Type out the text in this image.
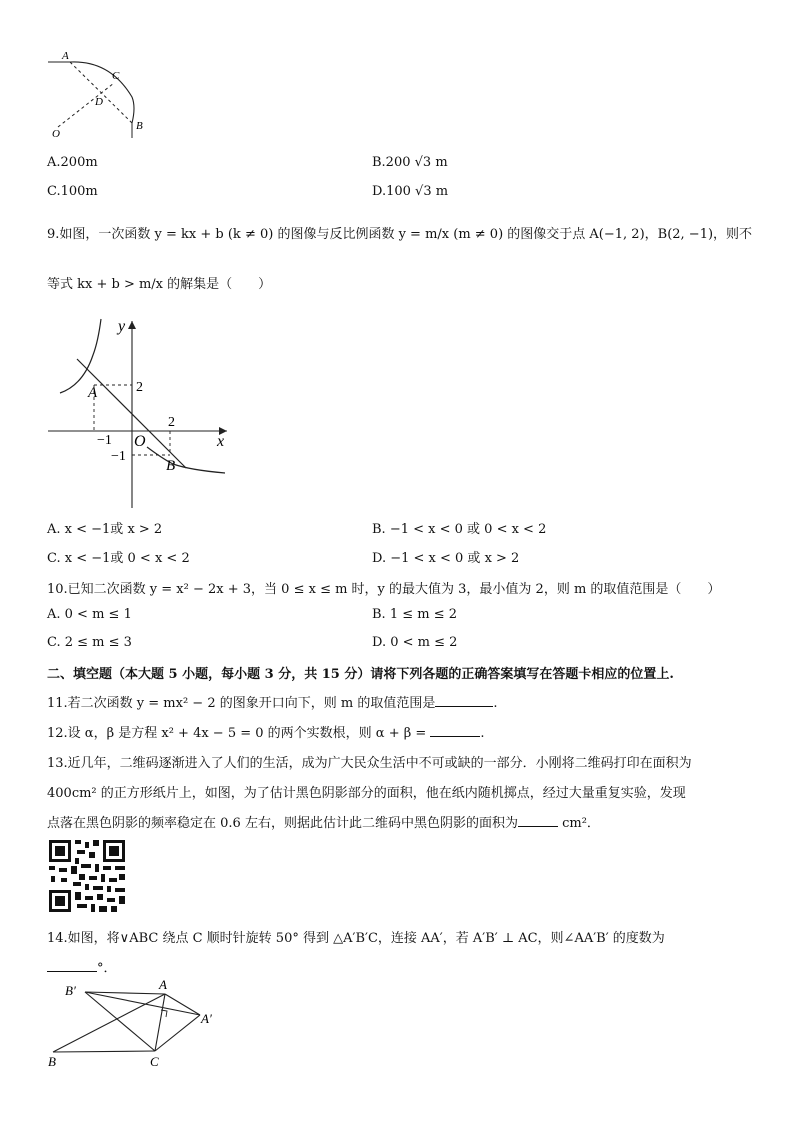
A
C
D
B
O
A.200m	B.200 √3 m
C.100m	D.100 √3 m
9.如图，一次函数 y = kx + b (k ≠ 0) 的图像与反比例函数 y = m/x (m ≠ 0) 的图像交于点 A(−1, 2)，B(2, −1)，则不
等式 kx + b > m/x 的解集是（　　）
y
x
A
B
O
2
2
−1
−1
A. x < −1或 x > 2	B. −1 < x < 0 或 0 < x < 2
C. x < −1或 0 < x < 2	D. −1 < x < 0 或 x > 2
10.已知二次函数 y = x² − 2x + 3，当 0 ≤ x ≤ m 时，y 的最大值为 3，最小值为 2，则 m 的取值范围是（　　）
A. 0 < m ≤ 1	B. 1 ≤ m ≤ 2
C. 2 ≤ m ≤ 3	D. 0 < m ≤ 2
二、填空题（本大题 5 小题，每小题 3 分，共 15 分）请将下列各题的正确答案填写在答题卡相应的位置上.
11.若二次函数 y = mx² − 2 的图象开口向下，则 m 的取值范围是	.
12.设 α，β 是方程 x² + 4x − 5 = 0 的两个实数根，则 α + β =	.
13.近几年，二维码逐渐进入了人们的生活，成为广大民众生活中不可或缺的一部分．小刚将二维码打印在面积为
400cm² 的正方形纸片上，如图，为了估计黑色阴影部分的面积，他在纸内随机掷点，经过大量重复实验，发现
点落在黑色阴影的频率稳定在 0.6 左右，则据此估计此二维码中黑色阴影的面积为	cm²．
14.如图，将∨ABC 绕点 C 顺时针旋转 50° 得到 △A′B′C，连接 AA′，若 A′B′ ⊥ AC，则∠AA′B′ 的度数为
°．
B′	A
A′
B	C
